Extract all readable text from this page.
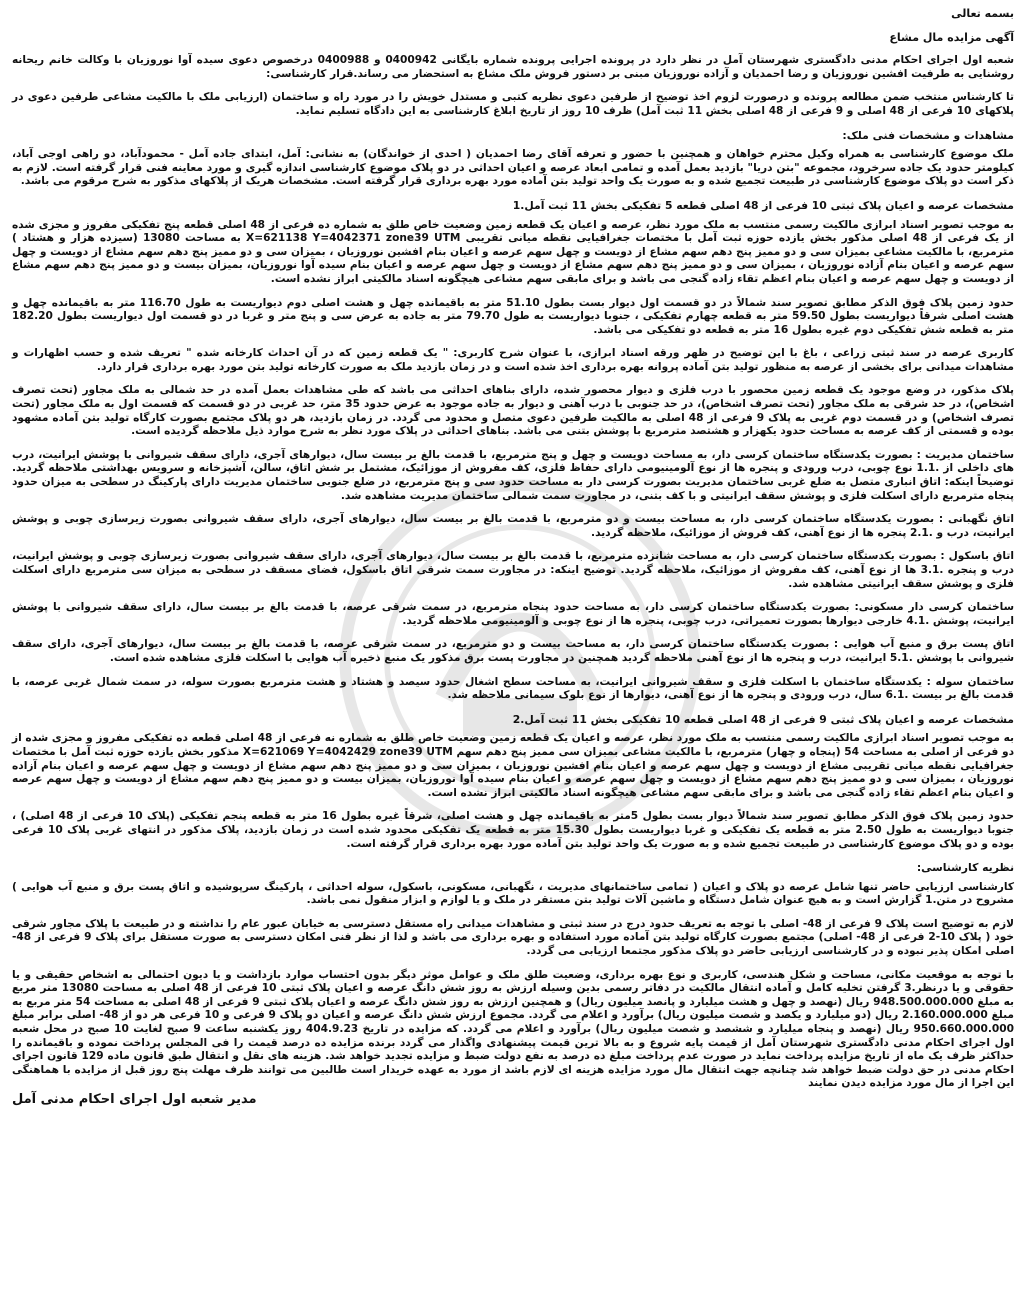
بسمه تعالی
آگهی مزایده مال مشاع

شعبه اول اجرای احکام مدنی دادگستری شهرستان آمل در نظر دارد در پرونده اجرایی پرونده شماره بایگانی 0400942 و 0400988 درخصوص دعوی سیده آوا نوروزیان با وکالت خانم ریحانه روشنایی به طرفیت افشین نوروزیان و رضا احمدیان و آزاده نوروزیان مبنی بر دستور فروش ملک مشاع به استحضار می رساند.قرار کارشناسی:

تا کارشناس منتخب ضمن مطالعه پرونده و درصورت لزوم اخذ توضیح از طرفین دعوی نظریه کتبی و مستدل خویش را در مورد راه و ساختمان (ارزیابی ملک با مالکیت مشاعی طرفین دعوی در پلاکهای 10 فرعی از 48 اصلی و 9 فرعی از 48 اصلی بخش 11 ثبت آمل) ظرف 10 روز از تاریخ ابلاغ کارشناسی به این دادگاه تسلیم نماید.

مشاهدات و مشخصات فنی ملک:

ملک موضوع کارشناسی به همراه وکیل محترم خواهان و همچنین با حضور و تعرفه آقای رضا احمدیان ( احدی از خواندگان) به نشانی: آمل، ابتدای جاده آمل - محمودآباد، دو راهی اوجی آباد، کیلومتر حدود یک جاده سرخرود، مجموعه "بتن دریا" بازدید بعمل آمده و تمامی ابعاد عرصه و اعیان احداثی در دو پلاک موضوع کارشناسی اندازه گیری و مورد معاینه فنی قرار گرفته است. لازم به ذکر است دو پلاک موضوع کارشناسی در طبیعت تجمیع شده و به صورت یک واحد تولید بتن آماده مورد بهره برداری قرار گرفته است. مشخصات هریک از پلاکهای مذکور به شرح مرقوم می باشد.

مشخصات عرصه و اعیان پلاک ثبتی 10 فرعی از 48 اصلی قطعه 5 تفکیکی بخش 11 ثبت آمل.1

به موجب تصویر اسناد ابرازی مالکیت رسمی منتسب به ملک مورد نظر، عرصه و اعیان یک قطعه زمین وضعیت خاص طلق به شماره ده فرعی از 48 اصلی قطعه پنج تفکیکی مفروز و مجزی شده از یک فرعی از 48 اصلی مذکور بخش یازده حوزه ثبت آمل با مختصات جغرافیایی نقطه میانی تقریبی X=621138 Y=4042371 zone39 UTM به مساحت 13080 (سیزده هزار و هشتاد ) مترمربع، با مالکیت مشاعی بمیزان سی و دو ممیز پنج دهم سهم مشاع از دویست و چهل سهم عرصه و اعیان بنام افشین نوروزیان ، بمیزان سی و دو ممیز پنج دهم سهم مشاع از دویست و چهل سهم عرصه و اعیان بنام آزاده نوروزیان ، بمیزان سی و دو ممیز پنج دهم سهم مشاع از دویست و چهل سهم عرصه و اعیان بنام سیده آوا نوروزیان، بمیزان بیست و دو ممیز پنج دهم سهم مشاع از دویست و چهل سهم عرصه و اعیان بنام اعظم تقاء زاده گنجی می باشد و برای مابقی سهم مشاعی هیچگونه اسناد مالکیتی ابراز نشده است.

حدود زمین پلاک فوق الذکر مطابق تصویر سند شمالاً در دو قسمت اول دیوار بست بطول 51.10 متر به باقیمانده چهل و هشت اصلی دوم دیواریست به طول 116.70 متر به باقیمانده چهل و هشت اصلی شرقاً دیواریست بطول 59.50 متر به قطعه چهارم تفکیکی ، جنوبا دیواریست به طول 79.70 متر به جاده به عرض سی و پنج متر و غربا در دو قسمت اول دیواریست بطول 182.20 متر به قطعه شش تفکیکی دوم غیره بطول 16 متر به قطعه دو تفکیکی می باشد.

کاربری عرصه در سند ثبتی زراعی ، باغ با این توضیح در ظهر ورقه اسناد ابرازی، با عنوان شرح کاربری: " یک قطعه زمین که در آن احداث کارخانه شده " تعریف شده و حسب اظهارات و مشاهدات میدانی برای بخشی از عرصه به منظور تولید بتن آماده پروانه بهره برداری اخذ شده است و در زمان بازدید ملک به صورت کارخانه تولید بتن مورد بهره برداری قرار دارد.

پلاک مذکور، در وضع موجود یک قطعه زمین محصور با درب فلزی و دیوار محصور شده، دارای بناهای احداثی می باشد که طی مشاهدات بعمل آمده در حد شمالی به ملک مجاور (تحت تصرف اشخاص)، در حد شرقی به ملک مجاور (تحت تصرف اشخاص)، در حد جنوبی با درب آهنی و دیوار به جاده موجود به عرض حدود 35 متر، حد غربی در دو قسمت که قسمت اول به ملک مجاور (تحت تصرف اشخاص) و در قسمت دوم غربی به پلاک 9 فرعی از 48 اصلی به مالکیت طرفین دعوی متصل و محدود می گردد. در زمان بازدید، هر دو پلاک مجتمع بصورت کارگاه تولید بتن آماده مشهود بوده و قسمتی از کف عرصه به مساحت حدود یکهزار و هشتصد مترمربع با پوشش بتنی می باشد. بناهای احداثی در پلاک مورد نظر به شرح موارد ذیل ملاحظه گردیده است.

ساختمان مدیریت : بصورت یکدستگاه ساختمان کرسی دار، به مساحت دویست و چهل و پنج مترمربع، با قدمت بالغ بر بیست سال، دیوارهای آجری، دارای سقف شیروانی با پوشش ایرانیت، درب های داخلی از .1.1 نوع چوبی، درب ورودی و پنجره ها از نوع آلومینیومی دارای حفاظ فلزی، کف مفروش از موزائیک، مشتمل بر شش اتاق، سالن، آشپزخانه و سرویس بهداشتی ملاحظه گردید. توضیحاً اینکه: اتاق انباری متصل به ضلع غربی ساختمان مدیریت بصورت کرسی دار به مساحت حدود سی و پنج مترمربع، در ضلع جنوبی ساختمان مدیریت دارای پارکینگ در سطحی به میزان حدود پنجاه مترمربع دارای اسکلت فلزی و پوشش سقف ایرانیتی و با کف بتنی، در مجاورت سمت شمالی ساختمان مدیریت مشاهده شد.

اتاق نگهبانی : بصورت یکدستگاه ساختمان کرسی دار، به مساحت بیست و دو مترمربع، با قدمت بالغ بر بیست سال، دیوارهای آجری، دارای سقف شیروانی بصورت زیرسازی چوبی و پوشش ایرانیت، درب و .2.1 پنجره ها از نوع آهنی، کف فروش از موزائیک، ملاحظه گردید.

اتاق باسکول : بصورت یکدستگاه ساختمان کرسی دار، به مساحت شانزده مترمربع، با قدمت بالغ بر بیست سال، دیوارهای آجری، دارای سقف شیروانی بصورت زیرسازی چوبی و پوشش ایرانیت، درب و پنجره .3.1 ها از نوع آهنی، کف مفروش از موزائیک، ملاحظه گردید. توضیح اینکه: در مجاورت سمت شرقی اتاق باسکول، فضای مسقف در سطحی به میزان سی مترمربع دارای اسکلت فلزی و پوشش سقف ایرانیتی مشاهده شد.

ساختمان کرسی دار مسکونی: بصورت یکدستگاه ساختمان کرسی دار، به مساحت حدود پنجاه مترمربع، در سمت شرقی عرصه، با قدمت بالغ بر بیست سال، دارای سقف شیروانی با پوشش ایرانیت، پوشش .4.1 خارجی دیوارها بصورت تعمیراتی، درب چوبی، پنجره ها از نوع چوبی و آلومینیومی ملاحظه گردید.

اتاق پست برق و منبع آب هوایی : بصورت یکدستگاه ساختمان کرسی دار، به مساحت بیست و دو مترمربع، در سمت شرقی عرصه، با قدمت بالغ بر بیست سال، دیوارهای آجری، دارای سقف شیروانی با پوشش .5.1 ایرانیت، درب و پنجره ها از نوع آهنی ملاحظه گردید همچنین در مجاورت پست برق مذکور یک منبع ذخیره آب هوایی با اسکلت فلزی مشاهده شده است.

ساختمان سوله : یکدستگاه ساختمان با اسکلت فلزی و سقف شیروانی ایرانیت، به مساحت سطح اشغال حدود سیصد و هشتاد و هشت مترمربع بصورت سوله، در سمت شمال غربی عرصه، با قدمت بالغ بر بیست .6.1 سال، درب ورودی و پنجره ها از نوع آهنی، دیوارها از نوع بلوک سیمانی ملاحظه شد.

مشخصات عرصه و اعیان پلاک ثبتی 9 فرعی از 48 اصلی قطعه 10 تفکیکی بخش 11 ثبت آمل.2

به موجب تصویر اسناد ابرازی مالکیت رسمی منتسب به ملک مورد نظر، عرصه و اعیان یک قطعه زمین وضعیت خاص طلق به شماره نه فرعی از 48 اصلی قطعه ده تفکیکی مفروز و مجزی شده از دو فرعی از اصلی به مساحت 54 (پنجاه و چهار) مترمربع، با مالکیت مشاعی بمیزان سی ممیز پنج دهم سهم X=621069 Y=4042429 zone39 UTM مذکور بخش یازده حوزه ثبت آمل با مختصات جغرافیایی نقطه میانی تقریبی مشاع از دویست و چهل سهم عرصه و اعیان بنام افشین نوروزیان ، بمیزان سی و دو ممیز پنج دهم سهم مشاع از دویست و چهل سهم عرصه و اعیان بنام آزاده نوروزیان ، بمیزان سی و دو ممیز پنج دهم سهم مشاع از دویست و چهل سهم عرصه و اعیان بنام سیده آوا نوروزیان، بمیزان بیست و دو ممیز پنج دهم سهم مشاع از دویست و چهل سهم عرصه و اعیان بنام اعظم تقاء زاده گنجی می باشد و برای مابقی سهم مشاعی هیچگونه اسناد مالکیتی ابراز نشده است.

حدود زمین پلاک فوق الذکر مطابق تصویر سند شمالاً دیوار بست بطول 5متر به باقیمانده چهل و هشت اصلی، شرقاً غیره بطول 16 متر به قطعه پنجم تفکیکی (پلاک 10 فرعی از 48 اصلی) ، جنوبا دیواریست به طول 2.50 متر به قطعه یک تفکیکی و غربا دیواریست بطول 15.30 متر به قطعه یک تفکیکی محدود شده است در زمان بازدید، پلاک مذکور در انتهای غربی پلاک 10 فرعی بوده و دو پلاک موضوع کارشناسی در طبیعت تجمیع شده و به صورت یک واحد تولید بتن آماده مورد بهره برداری قرار گرفته است.

نظریه کارشناسی:

کارشناسی ارزیابی حاضر تنها شامل عرصه دو پلاک و اعیان ( تمامی ساختمانهای مدیریت ، نگهبانی، مسکونی، باسکول، سوله احداثی ، پارکینگ سرپوشیده و اتاق پست برق و منبع آب هوایی ) مشروح در متن.1 گزارش است و به هیچ عنوان شامل دستگاه و ماشین آلات تولید بتن مستقر در ملک و یا لوازم و ابزار منقول نمی باشد.

لازم به توضیح است پلاک 9 فرعی از 48- اصلی با توجه به تعریف حدود درج در سند ثبتی و مشاهدات میدانی راه مستقل دسترسی به خیابان عبور عام را نداشته و در طبیعت با پلاک مجاور شرقی خود ( پلاک 10-2 فرعی از 48- اصلی) مجتمع بصورت کارگاه تولید بتن آماده مورد استفاده و بهره برداری می باشد و لذا از نظر فنی امکان دسترسی به صورت مستقل برای پلاک 9 فرعی از 48- اصلی امکان پذیر نبوده و در کارشناسی ارزیابی حاضر دو پلاک مذکور مجتمعا ارزیابی می گردد.

با توجه به موقعیت مکانی، مساحت و شکل هندسی، کاربری و نوع بهره برداری، وضعیت طلق ملک و عوامل موثر دیگر بدون احتساب موارد بازداشت و یا دیون احتمالی به اشخاص حقیقی و یا حقوقی و یا درنظر.3 گرفتن تخلیه کامل و آماده انتقال مالکیت در دفاتر رسمی بدین وسیله ارزش به روز شش دانگ عرصه و اعیان پلاک ثبتی 10 فرعی از 48 اصلی به مساحت 13080 متر مربع به مبلغ 948.500.000.000 ریال (نهصد و چهل و هشت میلیارد و پانصد میلیون ریال) و همچنین ارزش به روز شش دانگ عرصه و اعیان پلاک ثبتی 9 فرعی از 48 اصلی به مساحت 54 متر مربع به مبلغ 2.160.000.000 ریال (دو میلیارد و یکصد و شصت میلیون ریال) برآورد و اعلام می گردد. مجموع ارزش شش دانگ عرصه و اعیان دو پلاک 9 فرعی و 10 فرعی هر دو از 48- اصلی برابر مبلغ 950.660.000.000 ریال (نهصد و پنجاه میلیارد و ششصد و شصت میلیون ریال) برآورد و اعلام می گردد. که مزایده در تاریخ 404.9.23 روز یکشنبه ساعت 9 صبح لغایت 10 صبح در محل شعبه اول اجرای احکام مدنی دادگستری شهرستان آمل از قیمت پایه شروع و به بالا ترین قیمت پیشنهادی واگذار می گردد برنده مزایده ده درصد قیمت را فی المجلس پرداخت نموده و باقیمانده را حداکثر ظرف یک ماه از تاریخ مزایده پرداخت نماید در صورت عدم پرداخت مبلغ ده درصد به نفع دولت ضبط و مزایده تجدید خواهد شد. هزینه های نقل و انتقال طبق قانون ماده 129 قانون اجرای احکام مدنی در حق دولت ضبط خواهد شد چنانچه جهت انتقال مال مورد مزایده هزینه ای لازم باشد از مورد به عهده خریدار است طالبین می توانند ظرف مهلت پنج روز قبل از مزایده با هماهنگی این اجرا از مال مورد مزایده دیدن نمایند

مدیر شعبه اول اجرای احکام مدنی آمل
